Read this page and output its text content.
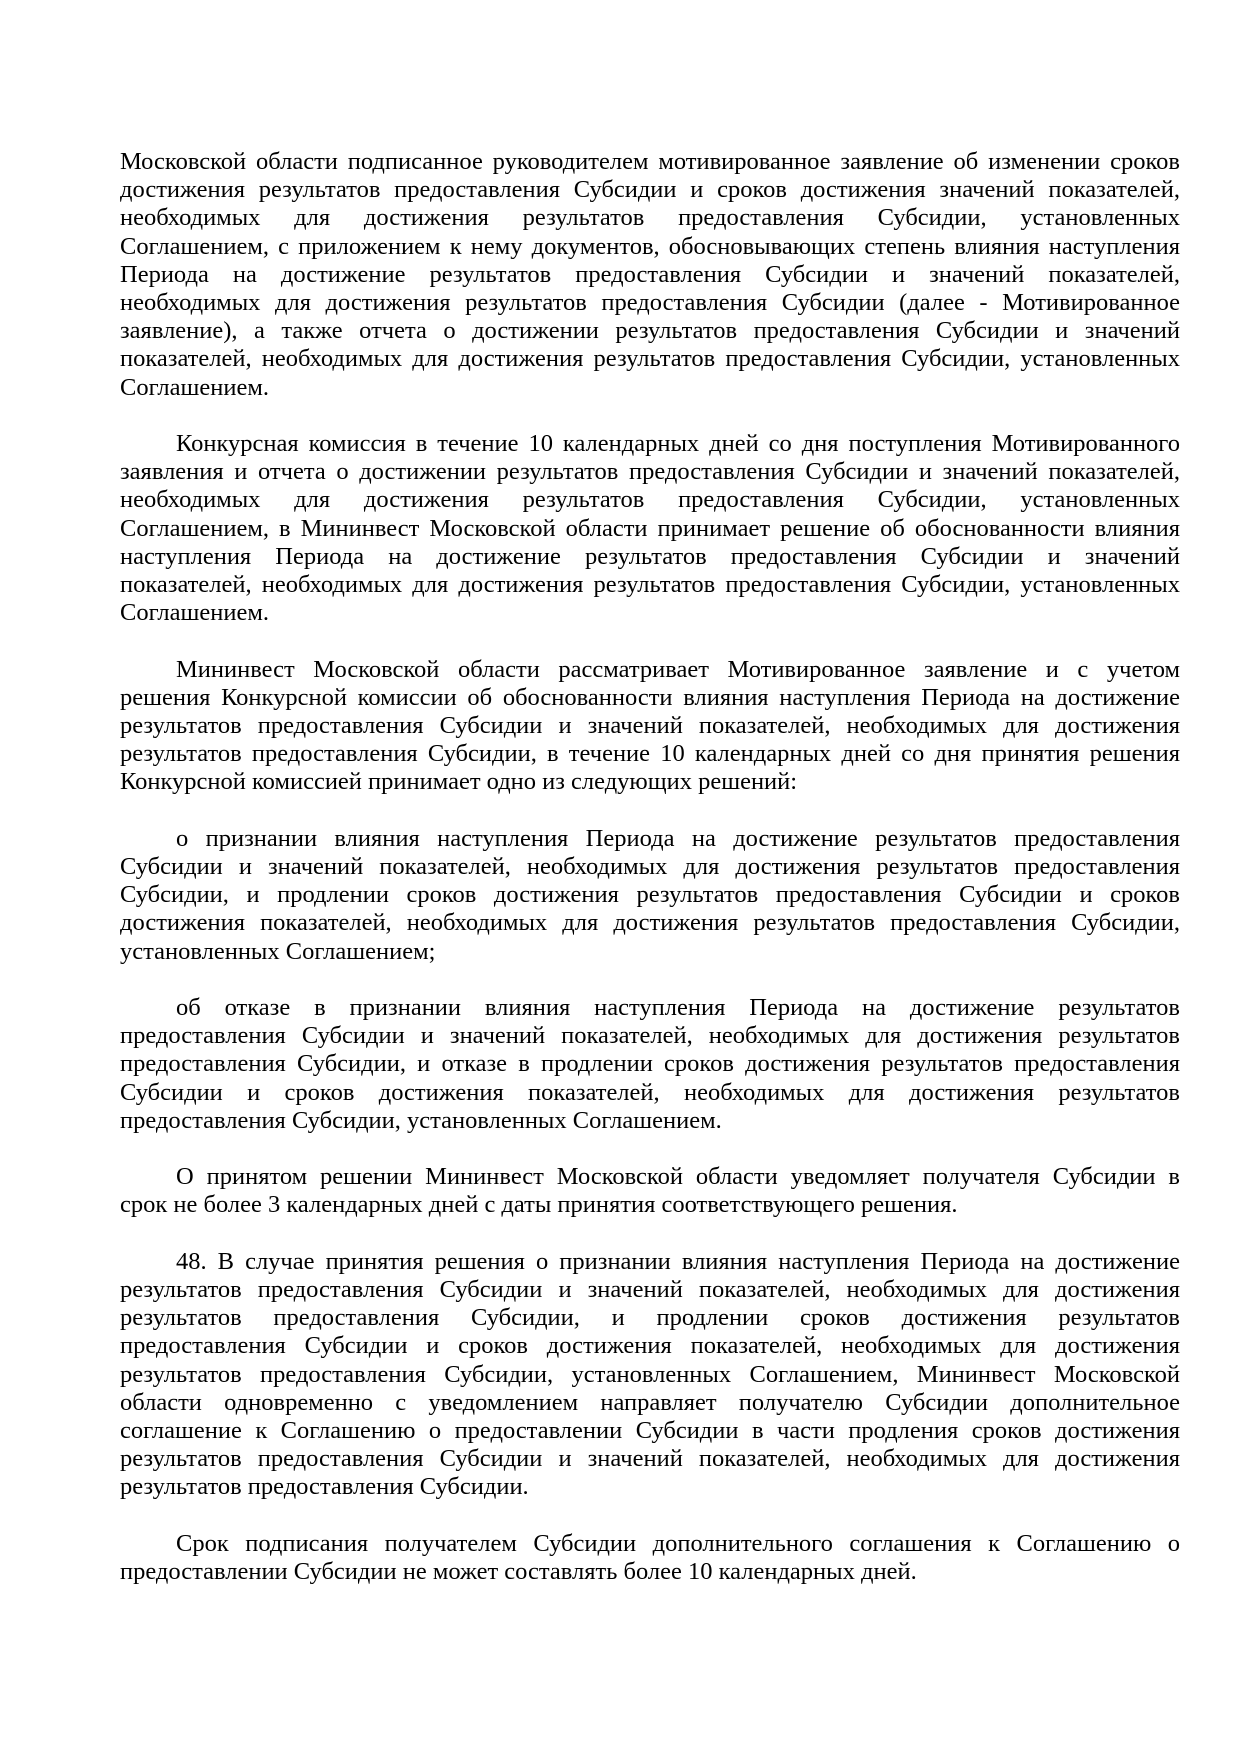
Московской области подписанное руководителем мотивированное заявление об изменении сроков
достижения результатов предоставления Субсидии и сроков достижения значений показателей,
необходимых для достижения результатов предоставления Субсидии, установленных
Соглашением, с приложением к нему документов, обосновывающих степень влияния наступления
Периода на достижение результатов предоставления Субсидии и значений показателей,
необходимых для достижения результатов предоставления Субсидии (далее - Мотивированное
заявление), а также отчета о достижении результатов предоставления Субсидии и значений
показателей, необходимых для достижения результатов предоставления Субсидии, установленных
Соглашением.
Конкурсная комиссия в течение 10 календарных дней со дня поступления Мотивированного
заявления и отчета о достижении результатов предоставления Субсидии и значений показателей,
необходимых для достижения результатов предоставления Субсидии, установленных
Соглашением, в Мининвест Московской области принимает решение об обоснованности влияния
наступления Периода на достижение результатов предоставления Субсидии и значений
показателей, необходимых для достижения результатов предоставления Субсидии, установленных
Соглашением.
Мининвест Московской области рассматривает Мотивированное заявление и с учетом
решения Конкурсной комиссии об обоснованности влияния наступления Периода на достижение
результатов предоставления Субсидии и значений показателей, необходимых для достижения
результатов предоставления Субсидии, в течение 10 календарных дней со дня принятия решения
Конкурсной комиссией принимает одно из следующих решений:
о признании влияния наступления Периода на достижение результатов предоставления
Субсидии и значений показателей, необходимых для достижения результатов предоставления
Субсидии, и продлении сроков достижения результатов предоставления Субсидии и сроков
достижения показателей, необходимых для достижения результатов предоставления Субсидии,
установленных Соглашением;
об отказе в признании влияния наступления Периода на достижение результатов
предоставления Субсидии и значений показателей, необходимых для достижения результатов
предоставления Субсидии, и отказе в продлении сроков достижения результатов предоставления
Субсидии и сроков достижения показателей, необходимых для достижения результатов
предоставления Субсидии, установленных Соглашением.
О принятом решении Мининвест Московской области уведомляет получателя Субсидии в
срок не более 3 календарных дней с даты принятия соответствующего решения.
48. В случае принятия решения о признании влияния наступления Периода на достижение
результатов предоставления Субсидии и значений показателей, необходимых для достижения
результатов предоставления Субсидии, и продлении сроков достижения результатов
предоставления Субсидии и сроков достижения показателей, необходимых для достижения
результатов предоставления Субсидии, установленных Соглашением, Мининвест Московской
области одновременно с уведомлением направляет получателю Субсидии дополнительное
соглашение к Соглашению о предоставлении Субсидии в части продления сроков достижения
результатов предоставления Субсидии и значений показателей, необходимых для достижения
результатов предоставления Субсидии.
Срок подписания получателем Субсидии дополнительного соглашения к Соглашению о
предоставлении Субсидии не может составлять более 10 календарных дней.
